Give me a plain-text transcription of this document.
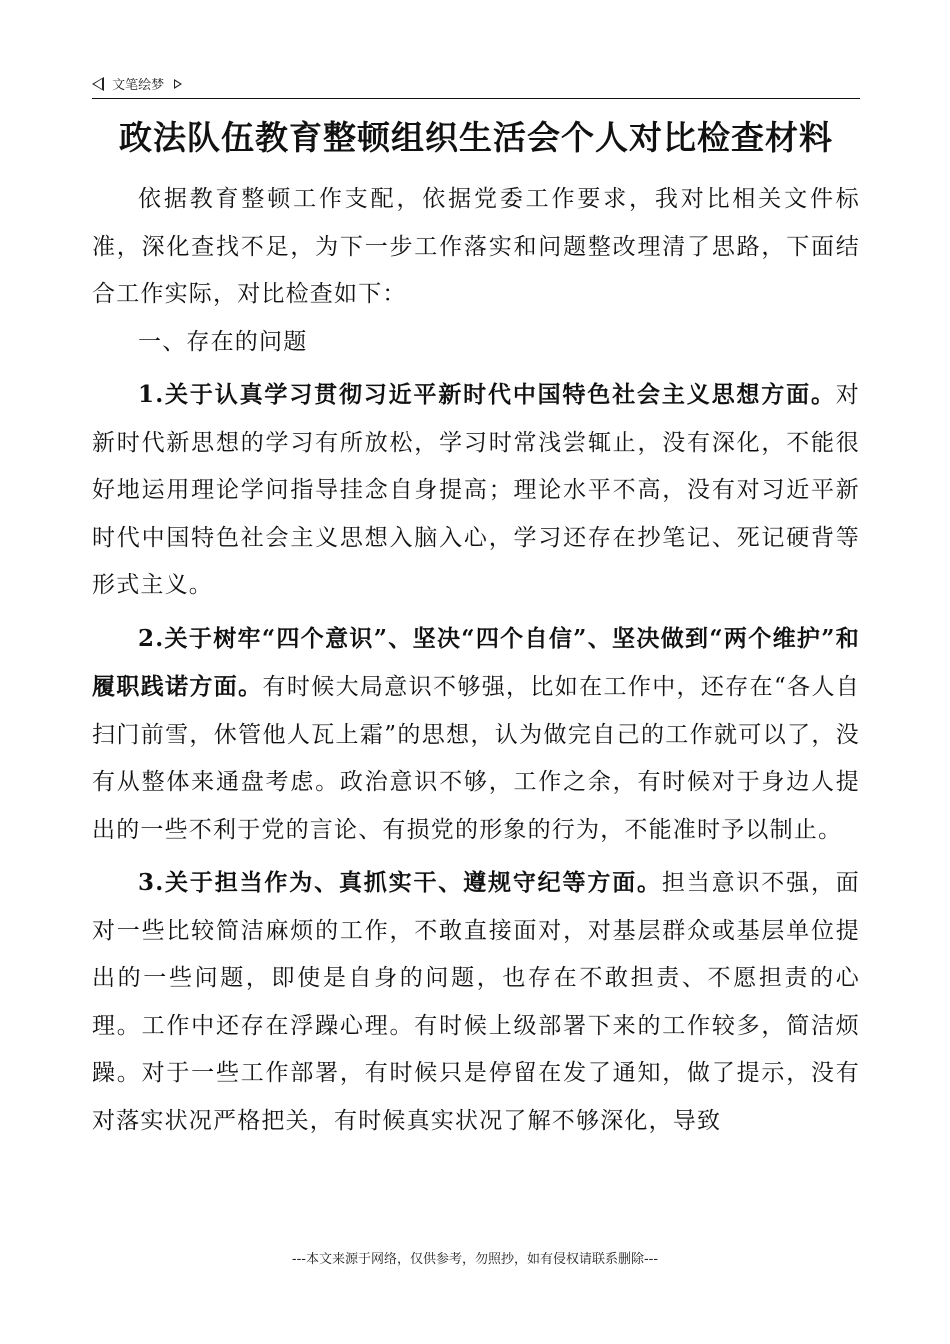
文笔绘梦
政法队伍教育整顿组织生活会个人对比检查材料

依据教育整顿工作支配，依据党委工作要求，我对比相关文件标准，深化查找不足，为下一步工作落实和问题整改理清了思路，下面结合工作实际，对比检查如下：

一、存在的问题

1.关于认真学习贯彻习近平新时代中国特色社会主义思想方面。对新时代新思想的学习有所放松，学习时常浅尝辄止，没有深化，不能很好地运用理论学问指导挂念自身提高；理论水平不高，没有对习近平新时代中国特色社会主义思想入脑入心，学习还存在抄笔记、死记硬背等形式主义。

2.关于树牢“四个意识”、坚决“四个自信”、坚决做到“两个维护”和履职践诺方面。有时候大局意识不够强，比如在工作中，还存在“各人自扫门前雪，休管他人瓦上霜”的思想，认为做完自己的工作就可以了，没有从整体来通盘考虑。政治意识不够，工作之余，有时候对于身边人提出的一些不利于党的言论、有损党的形象的行为，不能准时予以制止。

3.关于担当作为、真抓实干、遵规守纪等方面。担当意识不强，面对一些比较简洁麻烦的工作，不敢直接面对，对基层群众或基层单位提出的一些问题，即使是自身的问题，也存在不敢担责、不愿担责的心理。工作中还存在浮躁心理。有时候上级部署下来的工作较多，简洁烦躁。对于一些工作部署，有时候只是停留在发了通知，做了提示，没有对落实状况严格把关，有时候真实状况了解不够深化，导致

---本文来源于网络，仅供参考，勿照抄，如有侵权请联系删除---
